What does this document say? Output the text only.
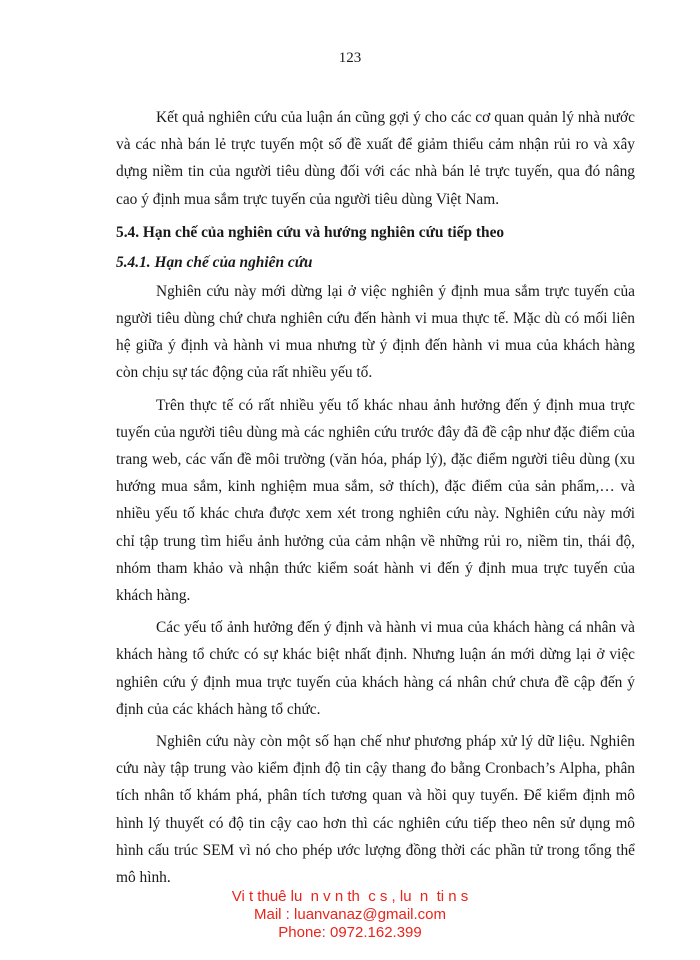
123

Kết quả nghiên cứu của luận án cũng gợi ý cho các cơ quan quản lý nhà nước và các nhà bán lẻ trực tuyến một số đề xuất để giảm thiểu cảm nhận rủi ro và xây dựng niềm tin của người tiêu dùng đối với các nhà bán lẻ trực tuyến, qua đó nâng cao ý định mua sắm trực tuyến của người tiêu dùng Việt Nam.

5.4. Hạn chế của nghiên cứu và hướng nghiên cứu tiếp theo
5.4.1. Hạn chế của nghiên cứu

Nghiên cứu này mới dừng lại ở việc nghiên ý định mua sắm trực tuyến của người tiêu dùng chứ chưa nghiên cứu đến hành vi mua thực tế. Mặc dù có mối liên hệ giữa ý định và hành vi mua nhưng từ ý định đến hành vi mua của khách hàng còn chịu sự tác động của rất nhiều yếu tố.

Trên thực tế có rất nhiều yếu tố khác nhau ảnh hưởng đến ý định mua trực tuyến của người tiêu dùng mà các nghiên cứu trước đây đã đề cập như đặc điểm của trang web, các vấn đề môi trường (văn hóa, pháp lý), đặc điểm người tiêu dùng (xu hướng mua sắm, kinh nghiệm mua sắm, sở thích), đặc điểm của sản phẩm,… và nhiều yếu tố khác chưa được xem xét trong nghiên cứu này. Nghiên cứu này mới chỉ tập trung tìm hiểu ảnh hưởng của cảm nhận về những rủi ro, niềm tin, thái độ, nhóm tham khảo và nhận thức kiểm soát hành vi đến ý định mua trực tuyến của khách hàng.

Các yếu tố ảnh hưởng đến ý định và hành vi mua của khách hàng cá nhân và khách hàng tổ chức có sự khác biệt nhất định. Nhưng luận án mới dừng lại ở việc nghiên cứu ý định mua trực tuyến của khách hàng cá nhân chứ chưa đề cập đến ý định của các khách hàng tổ chức.

Nghiên cứu này còn một số hạn chế như phương pháp xử lý dữ liệu. Nghiên cứu này tập trung vào kiểm định độ tin cậy thang đo bằng Cronbach’s Alpha, phân tích nhân tố khám phá, phân tích tương quan và hồi quy tuyến. Để kiểm định mô hình lý thuyết có độ tin cậy cao hơn thì các nghiên cứu tiếp theo nên sử dụng mô hình cấu trúc SEM vì nó cho phép ước lượng đồng thời các phần tử trong tổng thể mô hình.

Vi t thuê lu  n v n th  c s , lu  n  ti n s
Mail : luanvanaz@gmail.com
Phone: 0972.162.399
